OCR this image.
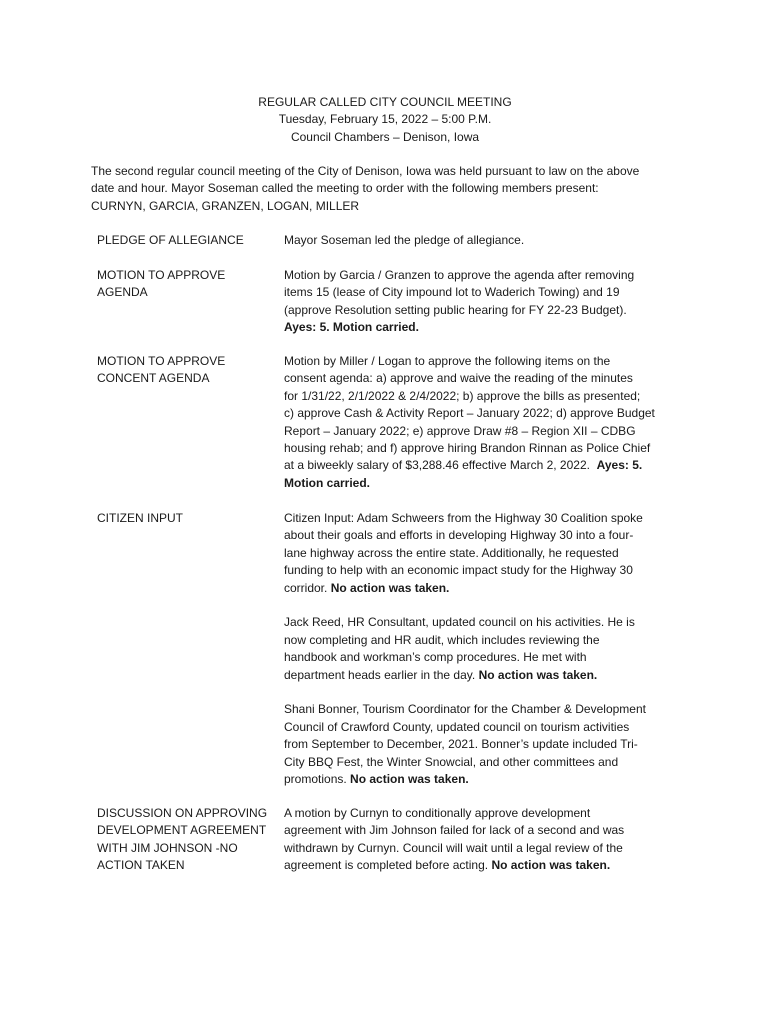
REGULAR CALLED CITY COUNCIL MEETING
Tuesday, February 15, 2022 – 5:00 P.M.
Council Chambers – Denison, Iowa
The second regular council meeting of the City of Denison, Iowa was held pursuant to law on the above
date and hour. Mayor Soseman called the meeting to order with the following members present:
CURNYN, GARCIA, GRANZEN, LOGAN, MILLER
PLEDGE OF ALLEGIANCE	Mayor Soseman led the pledge of allegiance.
MOTION TO APPROVE
AGENDA
Motion by Garcia / Granzen to approve the agenda after removing
items 15 (lease of City impound lot to Waderich Towing) and 19
(approve Resolution setting public hearing for FY 22-23 Budget).
Ayes: 5. Motion carried.
MOTION TO APPROVE
CONCENT AGENDA
Motion by Miller / Logan to approve the following items on the
consent agenda: a) approve and waive the reading of the minutes
for 1/31/22, 2/1/2022 & 2/4/2022; b) approve the bills as presented;
c) approve Cash & Activity Report – January 2022; d) approve Budget
Report – January 2022; e) approve Draw #8 – Region XII – CDBG
housing rehab; and f) approve hiring Brandon Rinnan as Police Chief
at a biweekly salary of $3,288.46 effective March 2, 2022.  Ayes: 5.
Motion carried.
CITIZEN INPUT	Citizen Input: Adam Schweers from the Highway 30 Coalition spoke
about their goals and efforts in developing Highway 30 into a four-
lane highway across the entire state. Additionally, he requested
funding to help with an economic impact study for the Highway 30
corridor. No action was taken.
Jack Reed, HR Consultant, updated council on his activities. He is
now completing and HR audit, which includes reviewing the
handbook and workman’s comp procedures. He met with
department heads earlier in the day. No action was taken.
Shani Bonner, Tourism Coordinator for the Chamber & Development
Council of Crawford County, updated council on tourism activities
from September to December, 2021. Bonner’s update included Tri-
City BBQ Fest, the Winter Snowcial, and other committees and
promotions. No action was taken.
DISCUSSION ON APPROVING
DEVELOPMENT AGREEMENT
WITH JIM JOHNSON -NO
ACTION TAKEN
A motion by Curnyn to conditionally approve development
agreement with Jim Johnson failed for lack of a second and was
withdrawn by Curnyn. Council will wait until a legal review of the
agreement is completed before acting. No action was taken.
